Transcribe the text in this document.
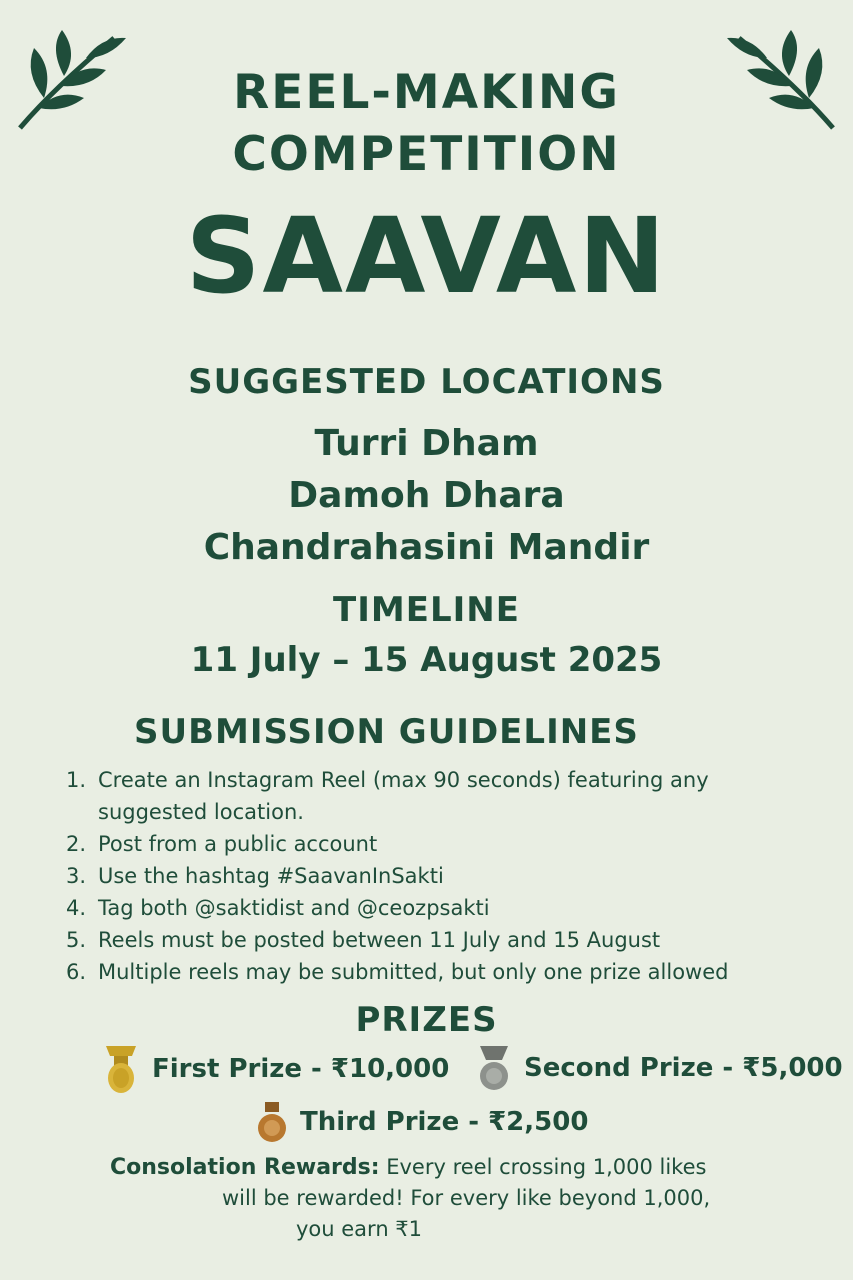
REEL-MAKING COMPETITION
SAAVAN
SUGGESTED LOCATIONS
Turri Dham
Damoh Dhara
Chandrahasini Mandir
TIMELINE
11 July – 15 August 2025
SUBMISSION GUIDELINES
1. Create an Instagram Reel (max 90 seconds) featuring any suggested location.
2. Post from a public account
3. Use the hashtag #SaavanInSakti
4. Tag both @saktidist and @ceozpsakti
5. Reels must be posted between 11 July and 15 August
6. Multiple reels may be submitted, but only one prize allowed
PRIZES
First Prize - ₹10,000	Second Prize - ₹5,000
Third Prize - ₹2,500
Consolation Rewards: Every reel crossing 1,000 likes
will be rewarded! For every like beyond 1,000,
you earn ₹1
